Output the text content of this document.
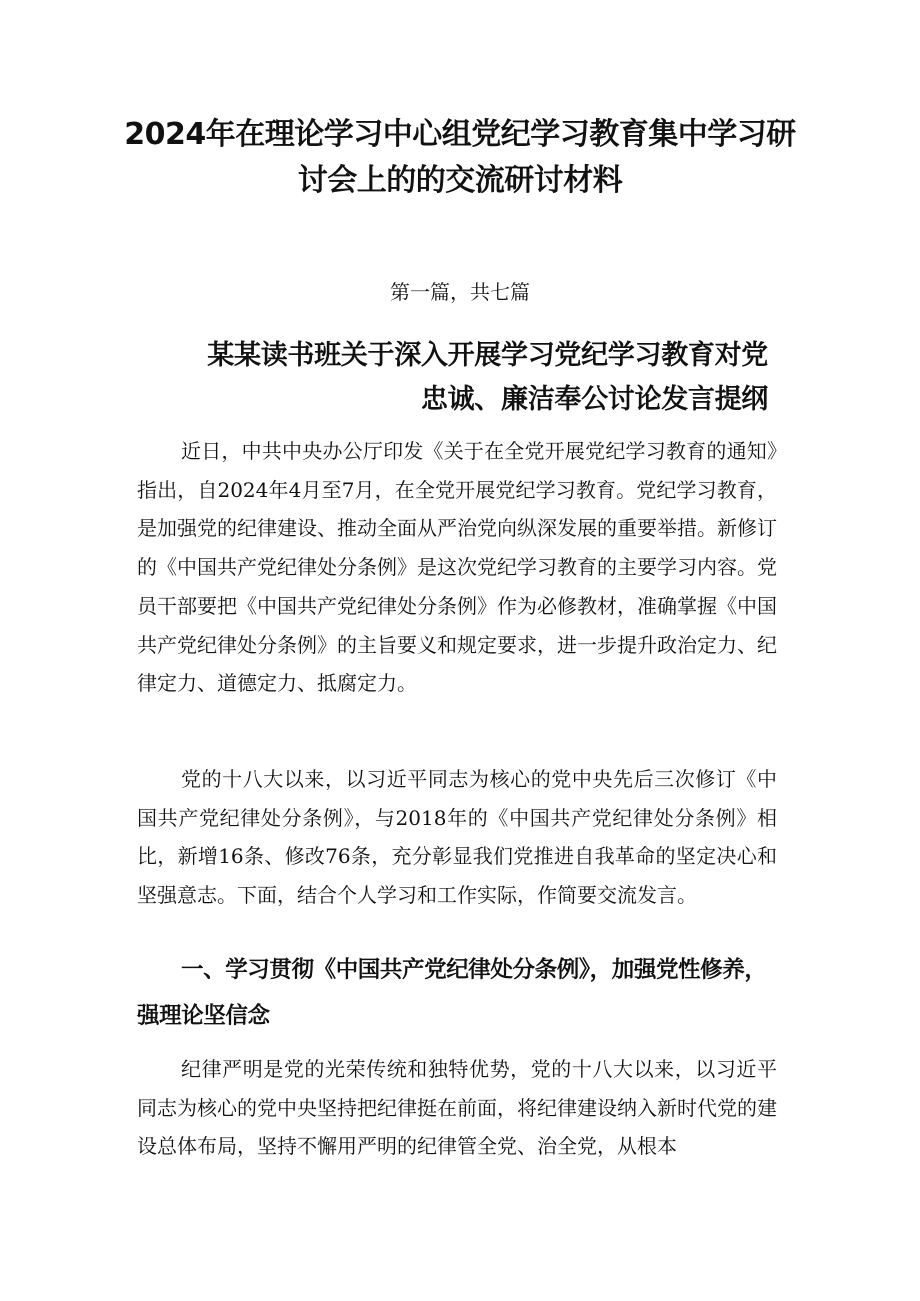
2024年在理论学习中心组党纪学习教育集中学习研
讨会上的的交流研讨材料

第一篇，共七篇

某某读书班关于深入开展学习党纪学习教育对党
忠诚、廉洁奉公讨论发言提纲

近日，中共中央办公厅印发《关于在全党开展党纪学习教育的通知》指出，自2024年4月至7月，在全党开展党纪学习教育。党纪学习教育，是加强党的纪律建设、推动全面从严治党向纵深发展的重要举措。新修订的《中国共产党纪律处分条例》是这次党纪学习教育的主要学习内容。党员干部要把《中国共产党纪律处分条例》作为必修教材，准确掌握《中国共产党纪律处分条例》的主旨要义和规定要求，进一步提升政治定力、纪律定力、道德定力、抵腐定力。

党的十八大以来，以习近平同志为核心的党中央先后三次修订《中国共产党纪律处分条例》，与2018年的《中国共产党纪律处分条例》相比，新增16条、修改76条，充分彰显我们党推进自我革命的坚定决心和坚强意志。下面，结合个人学习和工作实际，作简要交流发言。

一、学习贯彻《中国共产党纪律处分条例》，加强党性修养，强理论坚信念

纪律严明是党的光荣传统和独特优势，党的十八大以来，以习近平同志为核心的党中央坚持把纪律挺在前面，将纪律建设纳入新时代党的建设总体布局，坚持不懈用严明的纪律管全党、治全党，从根本
